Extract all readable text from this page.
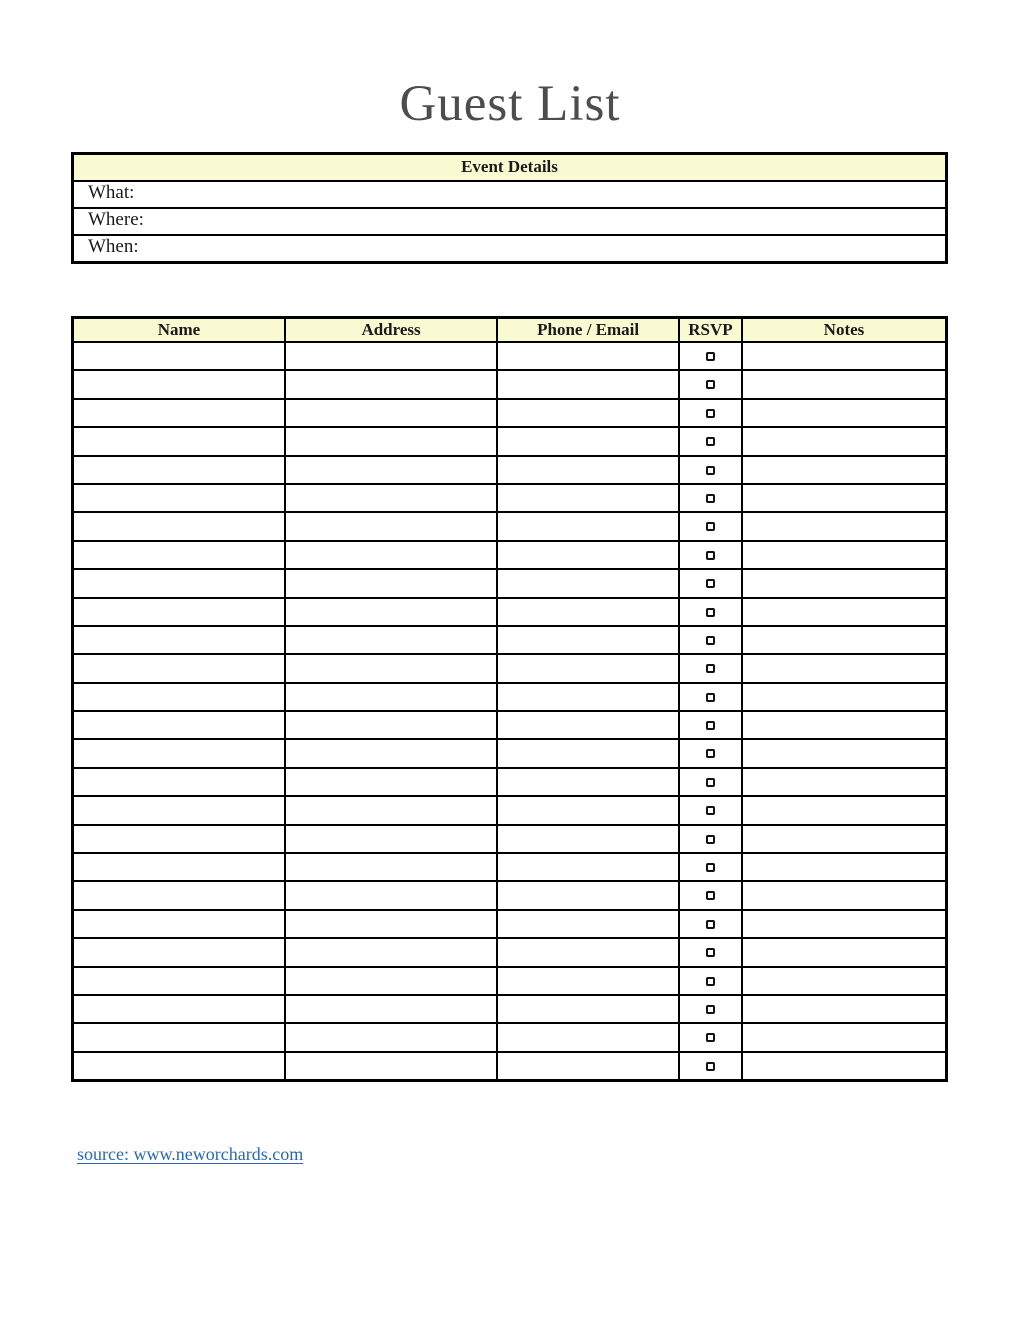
Guest List
Event Details
What:
Where:
When:
Name	Address	Phone / Email	RSVP	Notes

source: www.neworchards.com
